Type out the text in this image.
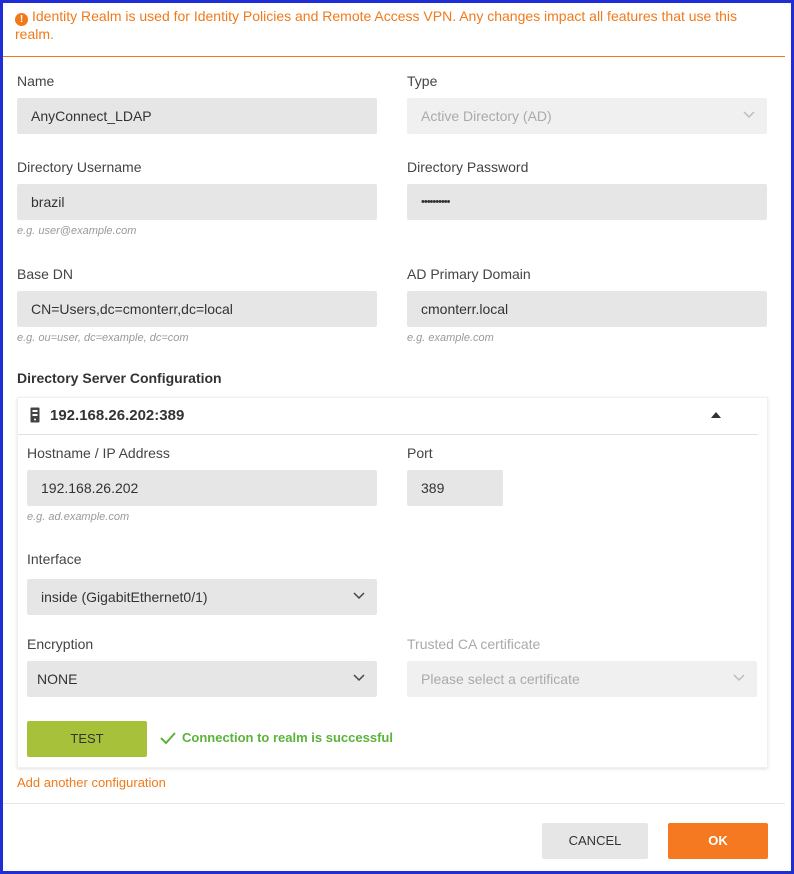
! Identity Realm is used for Identity Policies and Remote Access VPN. Any changes impact all features that use this realm.
Name
AnyConnect_LDAP
Type
Active Directory (AD)
Directory Username
brazil
e.g. user@example.com
Directory Password
••••••••••
Base DN
CN=Users,dc=cmonterr,dc=local
e.g. ou=user, dc=example, dc=com
AD Primary Domain
cmonterr.local
e.g. example.com
Directory Server Configuration
192.168.26.202:389
Hostname / IP Address
192.168.26.202
e.g. ad.example.com
Port
389
Interface
inside (GigabitEthernet0/1)
Encryption
NONE
Trusted CA certificate
Please select a certificate
TEST	Connection to realm is successful
Add another configuration
CANCEL	OK
